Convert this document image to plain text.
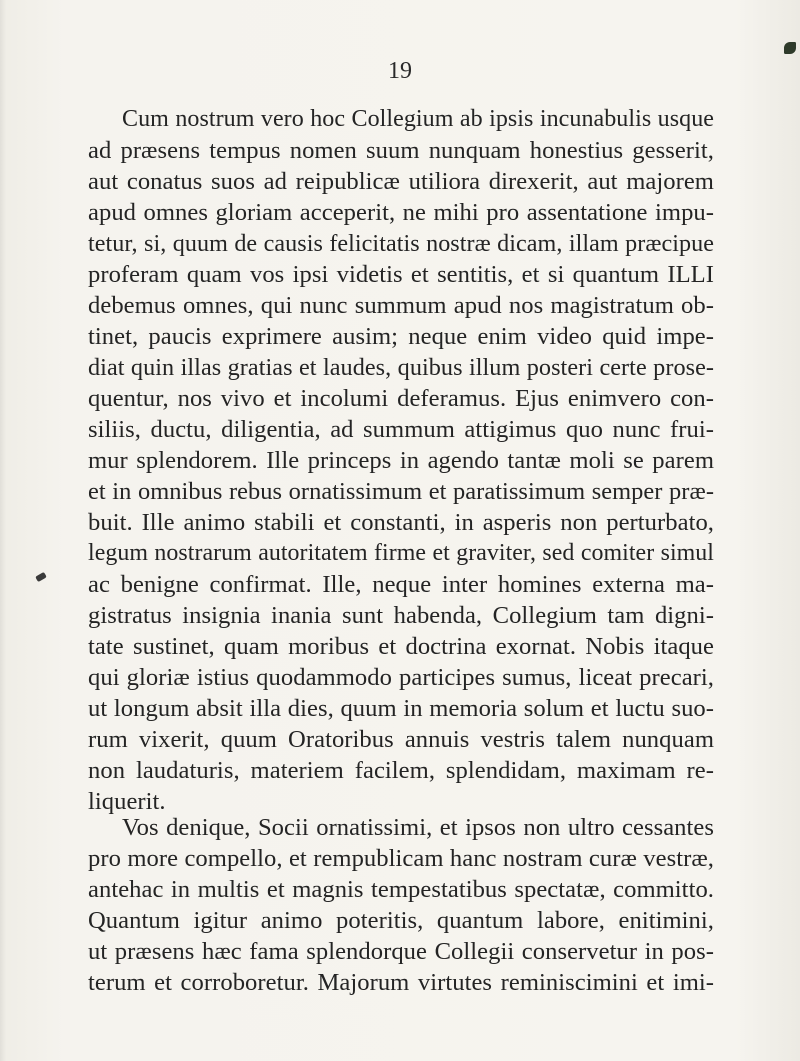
19
Cum nostrum vero hoc Collegium ab ipsis incunabulis usque
ad præsens tempus nomen suum nunquam honestius gesserit,
aut conatus suos ad reipublicæ utiliora direxerit, aut majorem
apud omnes gloriam acceperit, ne mihi pro assentatione impu-
tetur, si, quum de causis felicitatis nostræ dicam, illam præcipue
proferam quam vos ipsi videtis et sentitis, et si quantum ILLI
debemus omnes, qui nunc summum apud nos magistratum ob-
tinet, paucis exprimere ausim; neque enim video quid impe-
diat quin illas gratias et laudes, quibus illum posteri certe prose-
quentur, nos vivo et incolumi deferamus. Ejus enimvero con-
siliis, ductu, diligentia, ad summum attigimus quo nunc frui-
mur splendorem. Ille princeps in agendo tantæ moli se parem
et in omnibus rebus ornatissimum et paratissimum semper præ-
buit. Ille animo stabili et constanti, in asperis non perturbato,
legum nostrarum autoritatem firme et graviter, sed comiter simul
ac benigne confirmat. Ille, neque inter homines externa ma-
gistratus insignia inania sunt habenda, Collegium tam digni-
tate sustinet, quam moribus et doctrina exornat. Nobis itaque
qui gloriæ istius quodammodo participes sumus, liceat precari,
ut longum absit illa dies, quum in memoria solum et luctu suo-
rum vixerit, quum Oratoribus annuis vestris talem nunquam
non laudaturis, materiem facilem, splendidam, maximam re-
liquerit.
Vos denique, Socii ornatissimi, et ipsos non ultro cessantes
pro more compello, et rempublicam hanc nostram curæ vestræ,
antehac in multis et magnis tempestatibus spectatæ, committo.
Quantum igitur animo poteritis, quantum labore, enitimini,
ut præsens hæc fama splendorque Collegii conservetur in pos-
terum et corroboretur. Majorum virtutes reminiscimini et imi-
